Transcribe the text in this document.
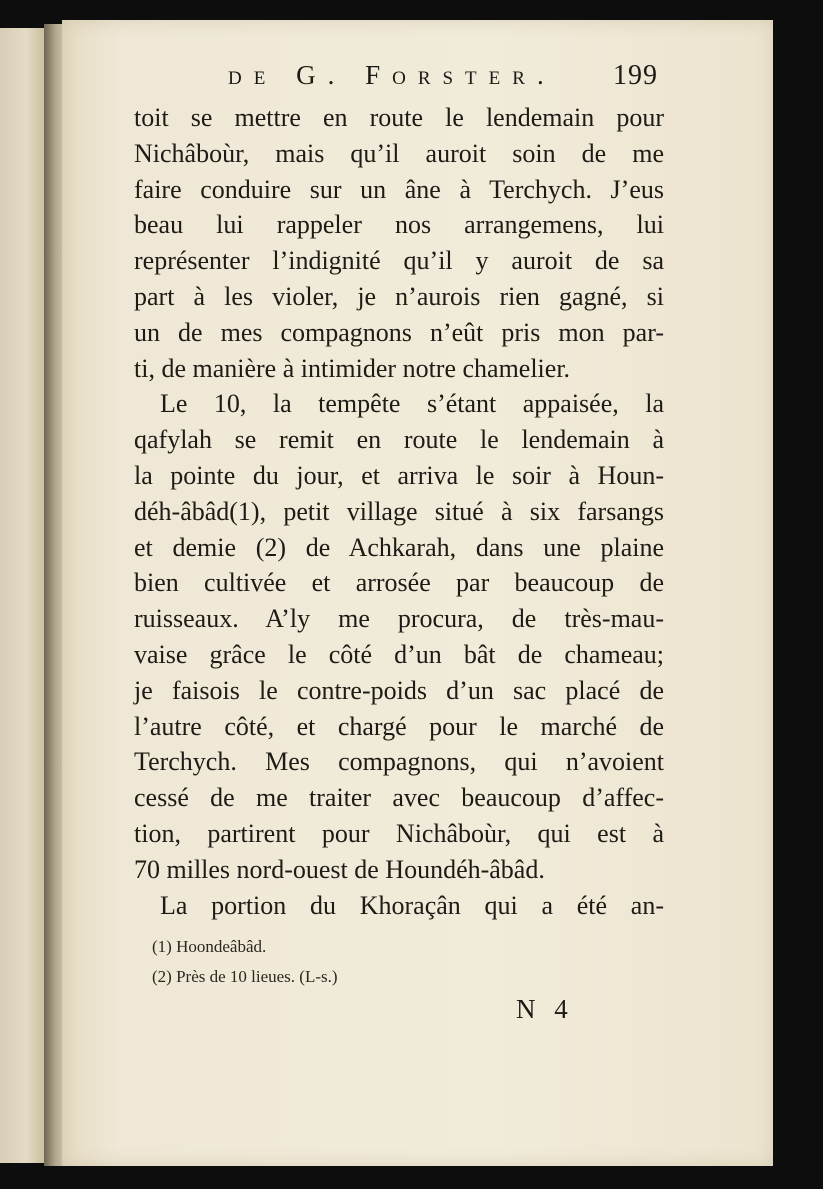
de G. Forster. 199
toit se mettre en route le lendemain pour
Nichâboùr, mais qu’il auroit soin de me
faire conduire sur un âne à Terchych. J’eus
beau lui rappeler nos arrangemens, lui
représenter l’indignité qu’il y auroit de sa
part à les violer, je n’aurois rien gagné, si
un de mes compagnons n’eût pris mon par-
ti, de manière à intimider notre chamelier.
Le 10, la tempête s’étant appaisée, la
qafylah se remit en route le lendemain à
la pointe du jour, et arriva le soir à Houn-
déh-âbâd(1), petit village situé à six farsangs
et demie (2) de Achkarah, dans une plaine
bien cultivée et arrosée par beaucoup de
ruisseaux. A’ly me procura, de très-mau-
vaise grâce le côté d’un bât de chameau;
je faisois le contre-poids d’un sac placé de
l’autre côté, et chargé pour le marché de
Terchych. Mes compagnons, qui n’avoient
cessé de me traiter avec beaucoup d’affec-
tion, partirent pour Nichâboùr, qui est à
70 milles nord-ouest de Houndéh-âbâd.
La portion du Khoraçân qui a été an-
(1) Hoondeâbâd.
(2) Près de 10 lieues. (L-s.)
N 4
